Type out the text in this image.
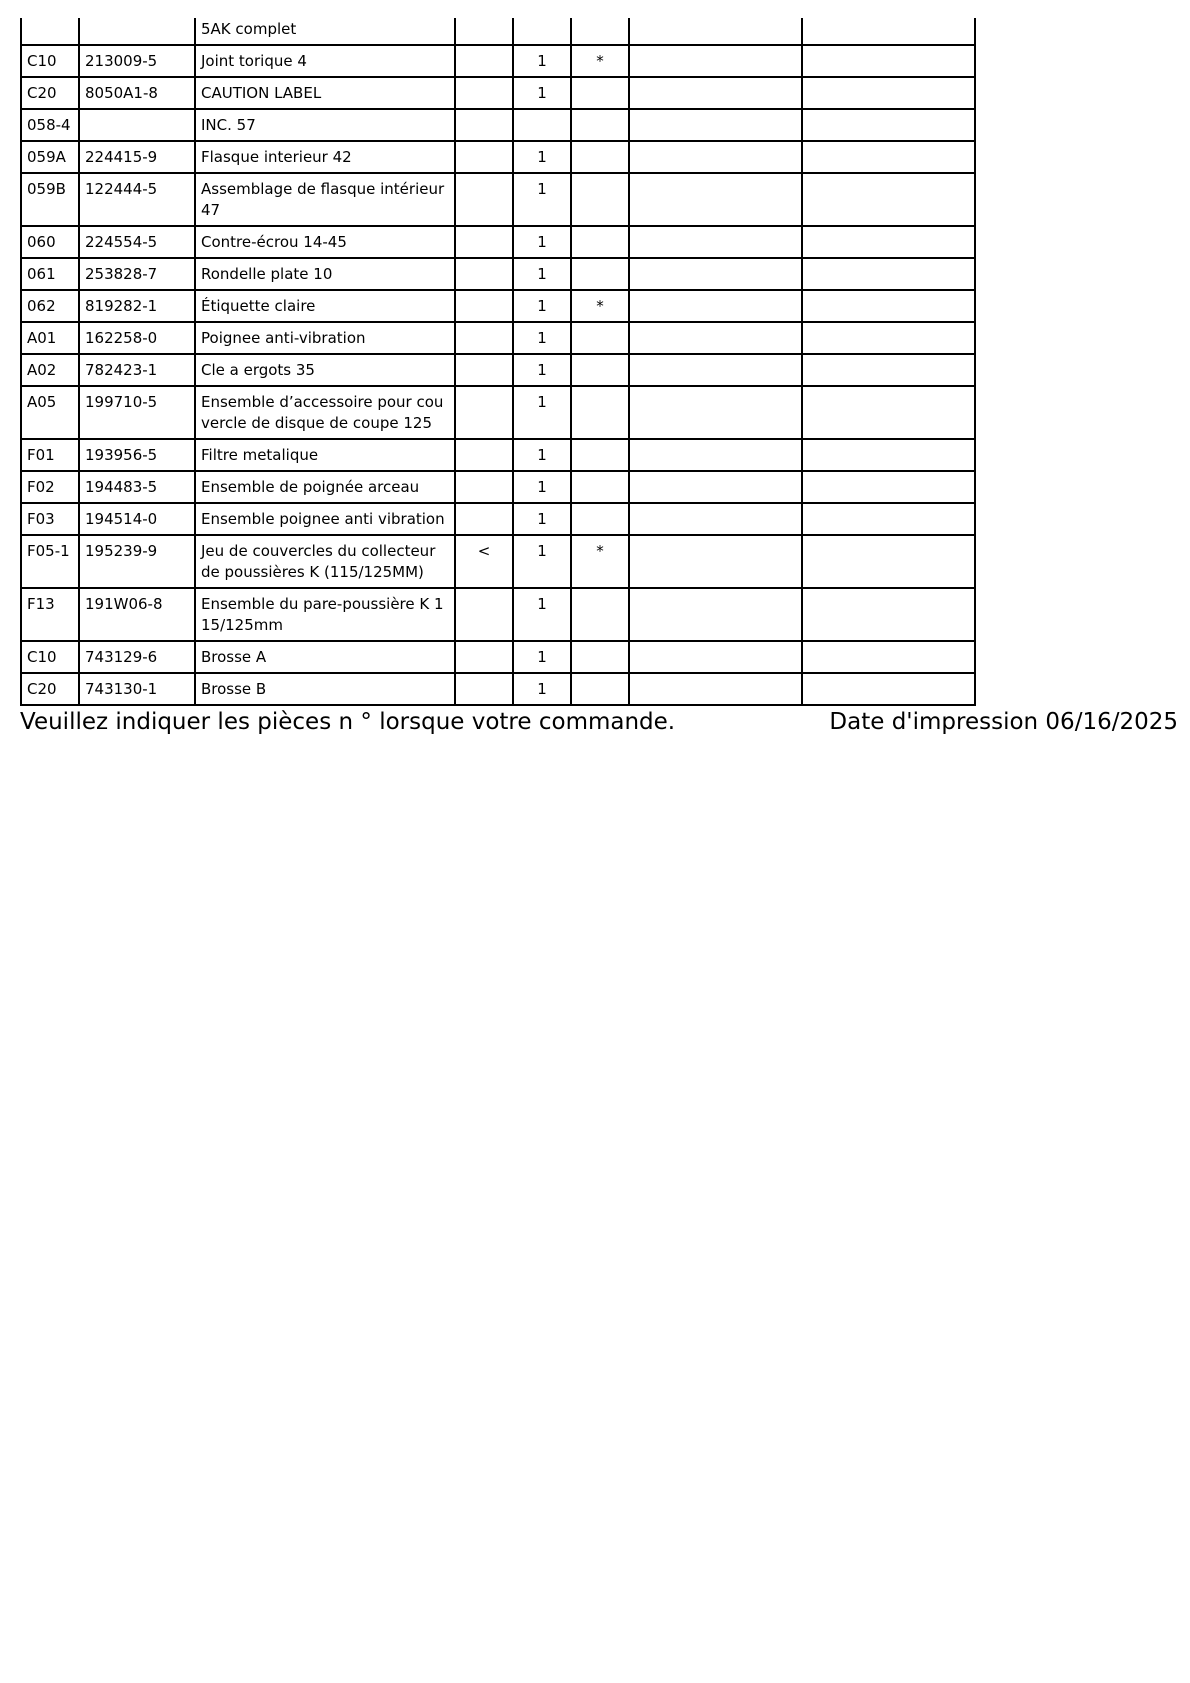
		5AK complet					
C10	213009-5	Joint torique 4		1	*		
C20	8050A1-8	CAUTION LABEL		1			
058-4		INC. 57					
059A	224415-9	Flasque interieur 42		1			
059B	122444-5	Assemblage de flasque intérieur 47		1			
060	224554-5	Contre-écrou 14-45		1			
061	253828-7	Rondelle plate 10		1			
062	819282-1	Étiquette claire		1	*		
A01	162258-0	Poignee anti-vibration		1			
A02	782423-1	Cle a ergots 35		1			
A05	199710-5	Ensemble d’accessoire pour couvercle de disque de coupe 125		1			
F01	193956-5	Filtre metalique		1			
F02	194483-5	Ensemble de poignée arceau		1			
F03	194514-0	Ensemble poignee anti vibration		1			
F05-1	195239-9	Jeu de couvercles du collecteur de poussières K (115/125MM)	<	1	*		
F13	191W06-8	Ensemble du pare-poussière K 115/125mm		1			
C10	743129-6	Brosse A		1			
C20	743130-1	Brosse B		1			
Veuillez indiquer les pièces n ° lorsque votre commande.	Date d'impression 06/16/2025
